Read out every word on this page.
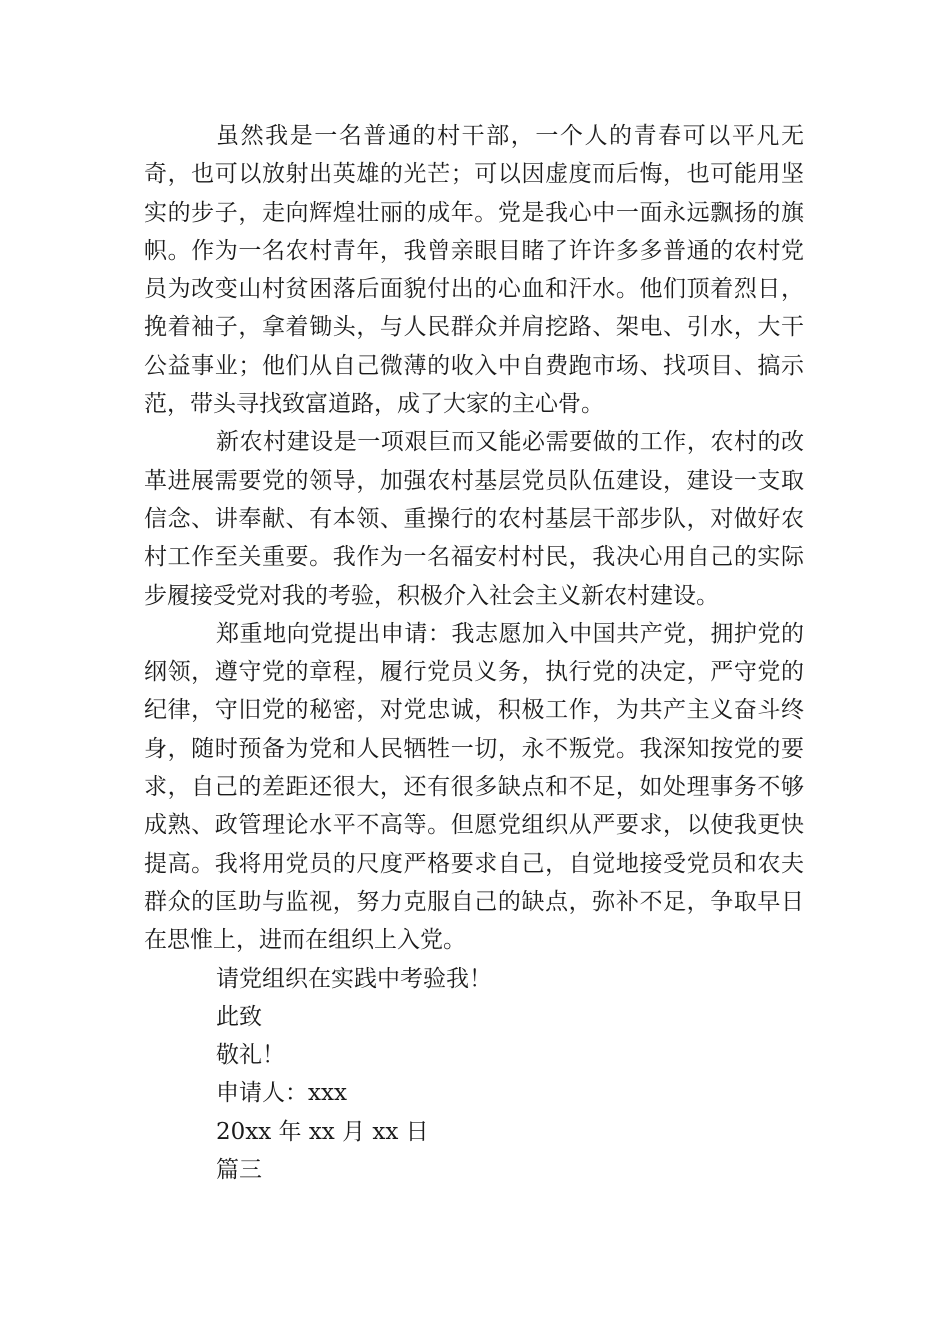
虽然我是一名普通的村干部，一个人的青春可以平凡无奇，也可以放射出英雄的光芒；可以因虚度而后悔，也可能用坚实的步子，走向辉煌壮丽的成年。党是我心中一面永远飘扬的旗帜。作为一名农村青年，我曾亲眼目睹了许许多多普通的农村党员为改变山村贫困落后面貌付出的心血和汗水。他们顶着烈日，挽着袖子，拿着锄头，与人民群众并肩挖路、架电、引水，大干公益事业；他们从自己微薄的收入中自费跑市场、找项目、搞示范，带头寻找致富道路，成了大家的主心骨。

新农村建设是一项艰巨而又能必需要做的工作，农村的改革进展需要党的领导，加强农村基层党员队伍建设，建设一支取信念、讲奉献、有本领、重操行的农村基层干部步队，对做好农村工作至关重要。我作为一名福安村村民，我决心用自己的实际步履接受党对我的考验，积极介入社会主义新农村建设。

郑重地向党提出申请：我志愿加入中国共产党，拥护党的纲领，遵守党的章程，履行党员义务，执行党的决定，严守党的纪律，守旧党的秘密，对党忠诚，积极工作，为共产主义奋斗终身，随时预备为党和人民牺牲一切，永不叛党。我深知按党的要求，自己的差距还很大，还有很多缺点和不足，如处理事务不够成熟、政管理论水平不高等。但愿党组织从严要求，以使我更快提高。我将用党员的尺度严格要求自己，自觉地接受党员和农夫群众的匡助与监视，努力克服自己的缺点，弥补不足，争取早日在思惟上，进而在组织上入党。

请党组织在实践中考验我！

此致

敬礼！

申请人：xxx

20xx 年 xx 月 xx 日

篇三
